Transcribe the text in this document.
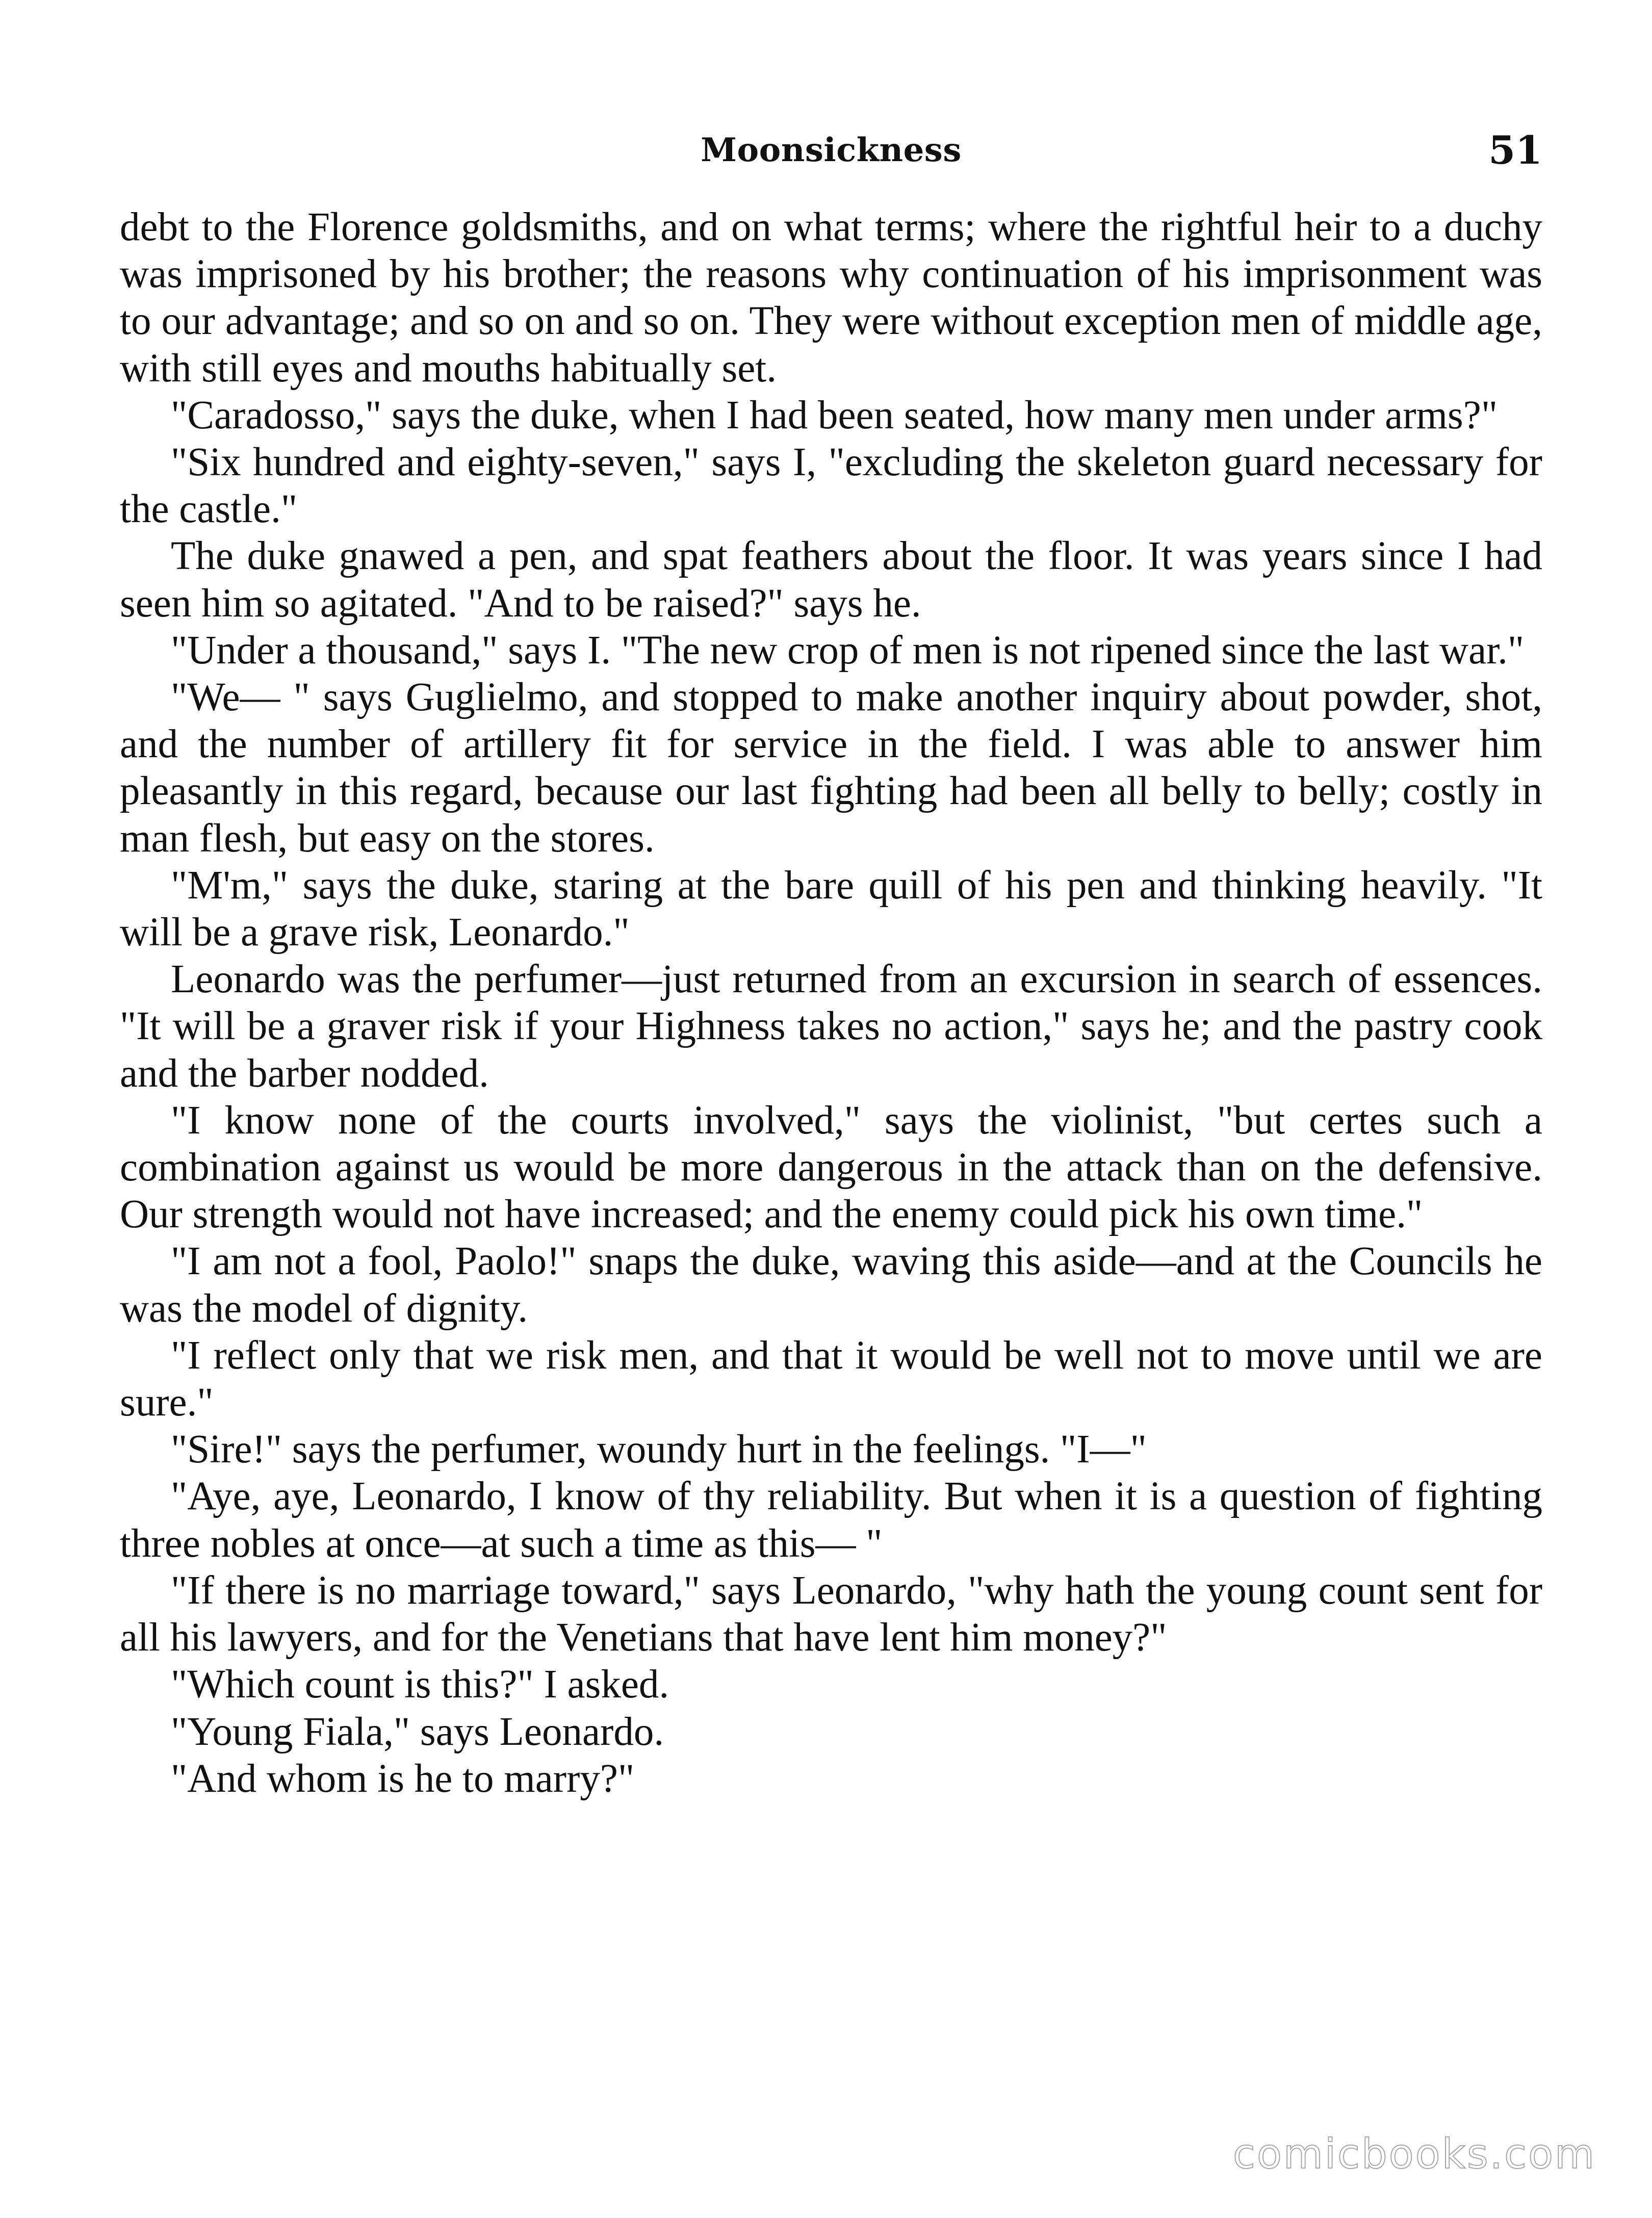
Moonsickness	51

debt to the Florence goldsmiths, and on what terms; where the rightful heir to a duchy was imprisoned by his brother; the reasons why continuation of his imprisonment was to our advantage; and so on and so on. They were without exception men of middle age, with still eyes and mouths habitually set.

"Caradosso," says the duke, when I had been seated, how many men under arms?"

"Six hundred and eighty-seven," says I, "excluding the skeleton guard necessary for the castle."

The duke gnawed a pen, and spat feathers about the floor. It was years since I had seen him so agitated. "And to be raised?" says he.

"Under a thousand," says I. "The new crop of men is not ripened since the last war."

"We— " says Guglielmo, and stopped to make another inquiry about powder, shot, and the number of artillery fit for service in the field. I was able to answer him pleasantly in this regard, because our last fighting had been all belly to belly; costly in man flesh, but easy on the stores.

"M'm," says the duke, staring at the bare quill of his pen and thinking heavily. "It will be a grave risk, Leonardo."

Leonardo was the perfumer—just returned from an excursion in search of essences. "It will be a graver risk if your Highness takes no action," says he; and the pastry cook and the barber nodded.

"I know none of the courts involved," says the violinist, "but certes such a combination against us would be more dangerous in the attack than on the defensive. Our strength would not have increased; and the enemy could pick his own time."

"I am not a fool, Paolo!" snaps the duke, waving this aside—and at the Councils he was the model of dignity.

"I reflect only that we risk men, and that it would be well not to move until we are sure."

"Sire!" says the perfumer, woundy hurt in the feelings. "I—"

"Aye, aye, Leonardo, I know of thy reliability. But when it is a question of fighting three nobles at once—at such a time as this— "

"If there is no marriage toward," says Leonardo, "why hath the young count sent for all his lawyers, and for the Venetians that have lent him money?"

"Which count is this?" I asked.

"Young Fiala," says Leonardo.

"And whom is he to marry?"

comicbooks.com
